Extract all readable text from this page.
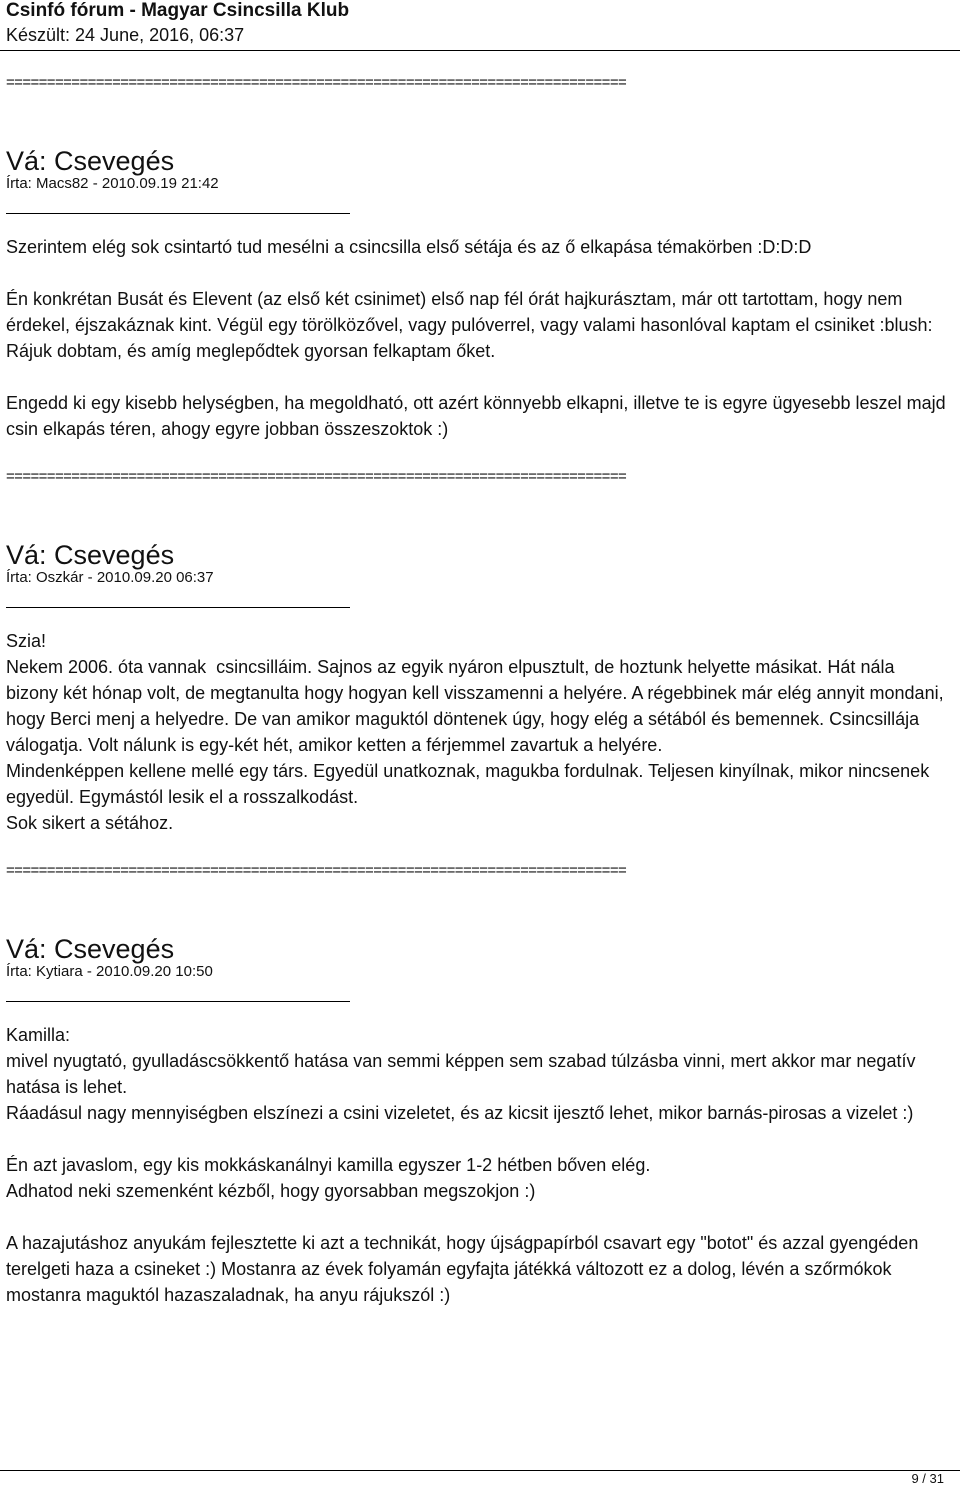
Csinfó fórum - Magyar Csincsilla Klub
Készült: 24 June, 2016, 06:37
============================================================================
Vá: Csevegés
Írta: Macs82 - 2010.09.19 21:42

Szerintem elég sok csintartó tud mesélni a csincsilla első sétája és az ő elkapása témakörben :D:D:D

Én konkrétan Busát és Elevent (az első két csinimet) első nap fél órát hajkurásztam, már ott tartottam, hogy nem érdekel, éjszakáznak kint. Végül egy törölközővel, vagy pulóverrel, vagy valami hasonlóval kaptam el csiniket :blush: Rájuk dobtam, és amíg meglepődtek gyorsan felkaptam őket.

Engedd ki egy kisebb helységben, ha megoldható, ott azért könnyebb elkapni, illetve te is egyre ügyesebb leszel majd csin elkapás téren, ahogy egyre jobban összeszoktok :)

============================================================================
Vá: Csevegés
Írta: Oszkár - 2010.09.20 06:37

Szia!
Nekem 2006. óta vannak  csincsilláim. Sajnos az egyik nyáron elpusztult, de hoztunk helyette másikat. Hát nála bizony két hónap volt, de megtanulta hogy hogyan kell visszamenni a helyére. A régebbinek már elég annyit mondani, hogy Berci menj a helyedre. De van amikor maguktól döntenek úgy, hogy elég a sétából és bemennek. Csincsillája válogatja. Volt nálunk is egy-két hét, amikor ketten a férjemmel zavartuk a helyére.
Mindenképpen kellene mellé egy társ. Egyedül unatkoznak, magukba fordulnak. Teljesen kinyílnak, mikor nincsenek egyedül. Egymástól lesik el a rosszalkodást.
Sok sikert a sétához.

============================================================================
Vá: Csevegés
Írta: Kytiara - 2010.09.20 10:50

Kamilla:
mivel nyugtató, gyulladáscsökkentő hatása van semmi képpen sem szabad túlzásba vinni, mert akkor mar negatív hatása is lehet.
Ráadásul nagy mennyiségben elszínezi a csini vizeletet, és az kicsit ijesztő lehet, mikor barnás-pirosas a vizelet :)

Én azt javaslom, egy kis mokkáskanálnyi kamilla egyszer 1-2 hétben bőven elég.
Adhatod neki szemenként kézből, hogy gyorsabban megszokjon :)

A hazajutáshoz anyukám fejlesztette ki azt a technikát, hogy újságpapírból csavart egy "botot" és azzal gyengéden terelgeti haza a csineket :) Mostanra az évek folyamán egyfajta játékká változott ez a dolog, lévén a szőrmókok mostanra maguktól hazaszaladnak, ha anyu rájukszól :)

9 / 31
